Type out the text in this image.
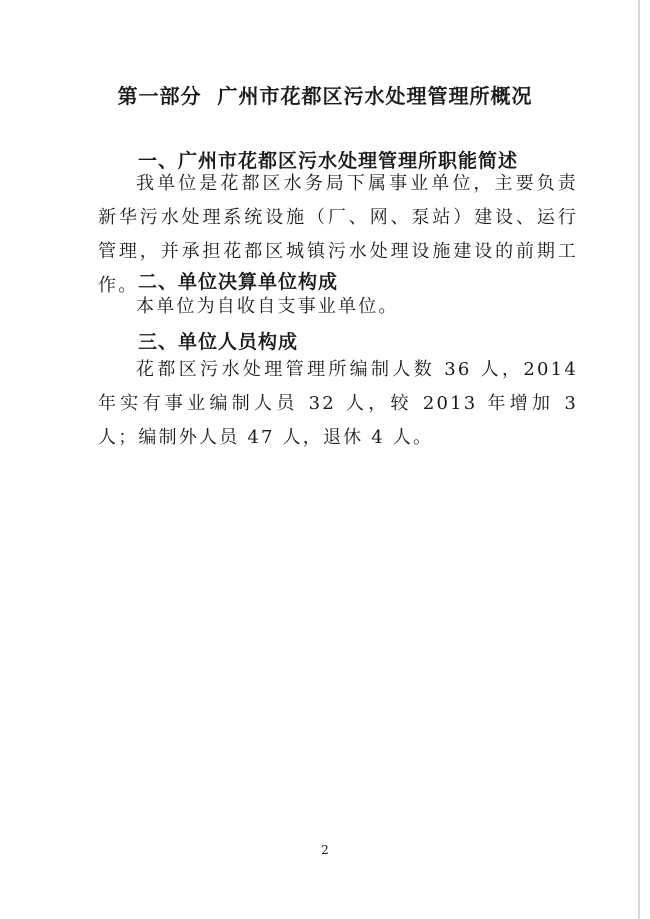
第一部分 广州市花都区污水处理管理所概况
一、广州市花都区污水处理管理所职能简述
我单位是花都区水务局下属事业单位，主要负责新华污水处理系统设施（厂、网、泵站）建设、运行管理，并承担花都区城镇污水处理设施建设的前期工作。 二、单位决算单位构成
本单位为自收自支事业单位。
三、单位人员构成
花都区污水处理管理所编制人数 36 人，2014 年实有事业编制人员 32 人，较 2013 年增加 3 人；编制外人员 47 人，退休 4 人。
2
